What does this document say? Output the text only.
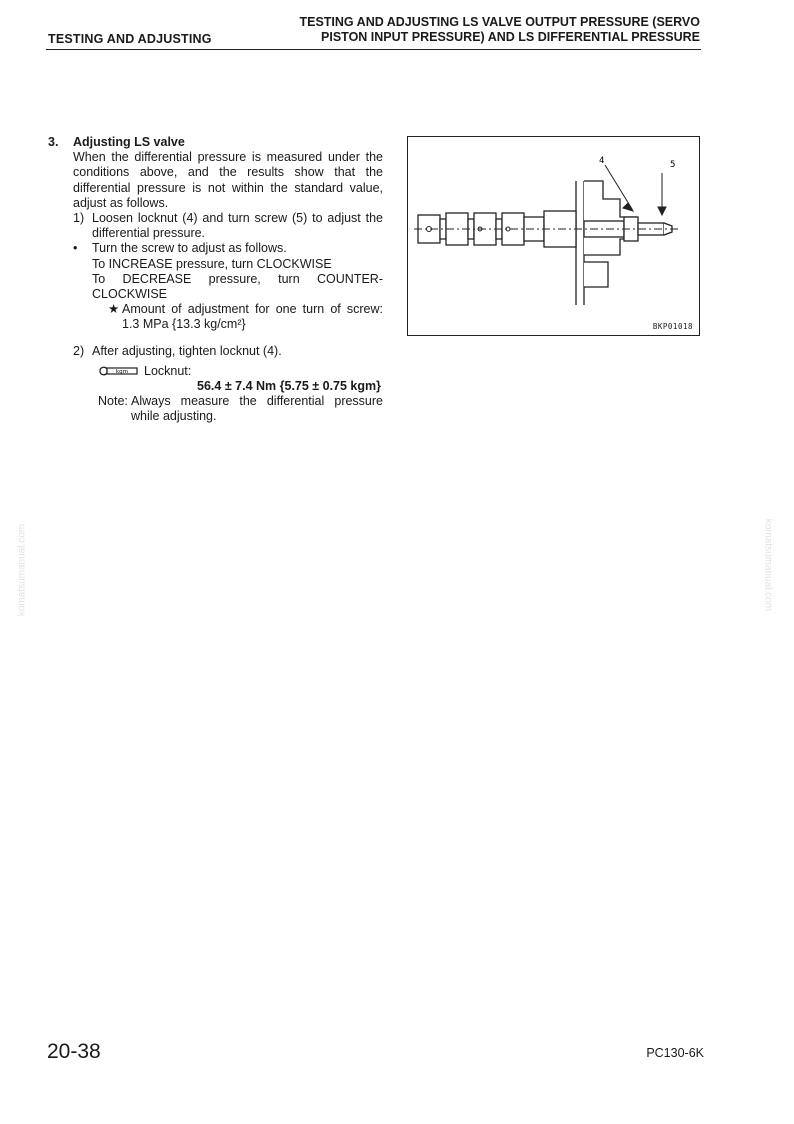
TESTING AND ADJUSTING
TESTING AND ADJUSTING LS VALVE OUTPUT PRESSURE (SERVO
PISTON INPUT PRESSURE) AND LS DIFFERENTIAL PRESSURE
3.	Adjusting LS valve
When the differential pressure is measured under the conditions above, and the results show that the differential pressure is not within the standard value, adjust as follows.
1) Loosen locknut (4) and turn screw (5) to adjust the differential pressure.
•	Turn the screw to adjust as follows.
To INCREASE pressure, turn CLOCKWISE
To DECREASE pressure, turn COUNTER-CLOCKWISE
★ Amount of adjustment for one turn of screw: 1.3 MPa {13.3 kg/cm²}
2) After adjusting, tighten locknut (4).
kgm Locknut:
56.4 ± 7.4 Nm {5.75 ± 0.75 kgm}
Note: Always measure the differential pressure while adjusting.
4	5
BKP01018
komatsumanual.com	komatsumanual.com
20-38	PC130-6K
